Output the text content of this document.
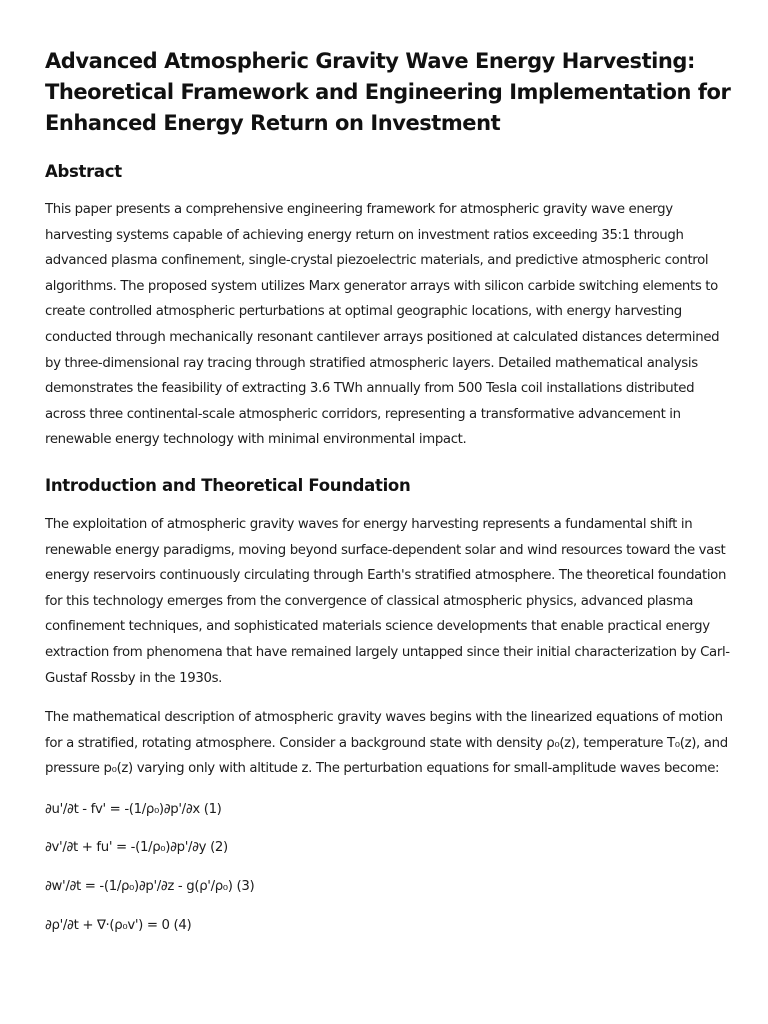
Advanced Atmospheric Gravity Wave Energy Harvesting: Theoretical Framework and Engineering Implementation for Enhanced Energy Return on Investment
Abstract

This paper presents a comprehensive engineering framework for atmospheric gravity wave energy harvesting systems capable of achieving energy return on investment ratios exceeding 35:1 through advanced plasma confinement, single-crystal piezoelectric materials, and predictive atmospheric control algorithms. The proposed system utilizes Marx generator arrays with silicon carbide switching elements to create controlled atmospheric perturbations at optimal geographic locations, with energy harvesting conducted through mechanically resonant cantilever arrays positioned at calculated distances determined by three-dimensional ray tracing through stratified atmospheric layers. Detailed mathematical analysis demonstrates the feasibility of extracting 3.6 TWh annually from 500 Tesla coil installations distributed across three continental-scale atmospheric corridors, representing a transformative advancement in renewable energy technology with minimal environmental impact.

Introduction and Theoretical Foundation

The exploitation of atmospheric gravity waves for energy harvesting represents a fundamental shift in renewable energy paradigms, moving beyond surface-dependent solar and wind resources toward the vast energy reservoirs continuously circulating through Earth's stratified atmosphere. The theoretical foundation for this technology emerges from the convergence of classical atmospheric physics, advanced plasma confinement techniques, and sophisticated materials science developments that enable practical energy extraction from phenomena that have remained largely untapped since their initial characterization by Carl-Gustaf Rossby in the 1930s.

The mathematical description of atmospheric gravity waves begins with the linearized equations of motion for a stratified, rotating atmosphere. Consider a background state with density ρ₀(z), temperature T₀(z), and pressure p₀(z) varying only with altitude z. The perturbation equations for small-amplitude waves become:

∂u'/∂t - fv' = -(1/ρ₀)∂p'/∂x (1)

∂v'/∂t + fu' = -(1/ρ₀)∂p'/∂y (2)

∂w'/∂t = -(1/ρ₀)∂p'/∂z - g(ρ'/ρ₀) (3)

∂ρ'/∂t + ∇·(ρ₀v') = 0 (4)
